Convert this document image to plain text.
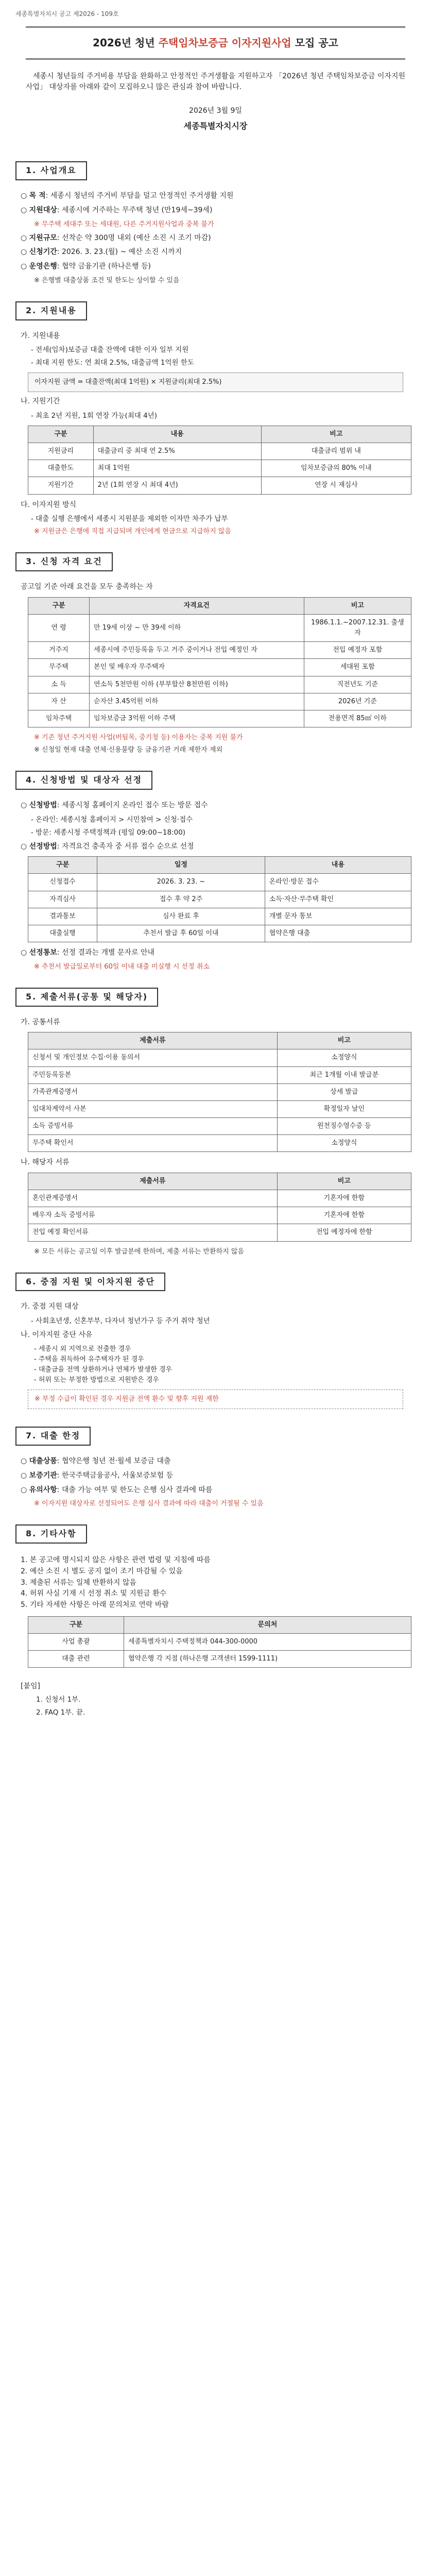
세종특별자치시 공고 제2026 - 109호
2026년 청년 주택임차보증금 이자지원사업 모집 공고

세종시 청년들의 주거비용 부담을 완화하고 안정적인 주거생활을 지원하고자 「2026년 청년 주택임차보증금 이자지원사업」 대상자를 아래와 같이 모집하오니 많은 관심과 참여 바랍니다.

2026년 3월 9일
세종특별자치시장
1. 사업개요
○ 목 적: 세종시 청년의 주거비 부담을 덜고 안정적인 주거생활 지원
○ 지원대상: 세종시에 거주하는 무주택 청년 (만19세~39세)
※ 무주택 세대주 또는 세대원, 다른 주거지원사업과 중복 불가
○ 지원규모: 선착순 약 300명 내외 (예산 소진 시 조기 마감)
○ 신청기간: 2026. 3. 23.(월) ~ 예산 소진 시까지
○ 운영은행: 협약 금융기관 (하나은행 등)
※ 은행별 대출상품 조건 및 한도는 상이할 수 있음
2. 지원내용
가. 지원내용
- 전세(임차)보증금 대출 잔액에 대한 이자 일부 지원
- 최대 지원 한도: 연 최대 2.5%, 대출금액 1억원 한도
이자지원 금액 = 대출잔액(최대 1억원) × 지원금리(최대 2.5%)
나. 지원기간
- 최초 2년 지원, 1회 연장 가능(최대 4년)
구분	내용	비고
지원금리	대출금리 중 최대 연 2.5%	대출금리 범위 내
대출한도	최대 1억원	임차보증금의 80% 이내
지원기간	2년 (1회 연장 시 최대 4년)	연장 시 재심사
다. 이자지원 방식
- 대출 실행 은행에서 세종시 지원분을 제외한 이자만 차주가 납부
※ 지원금은 은행에 직접 지급되며 개인에게 현금으로 지급하지 않음
3. 신청 자격 요건
공고일 기준 아래 요건을 모두 충족하는 자
구분	자격요건	비고
연 령	만 19세 이상 ~ 만 39세 이하	1986.1.1.~2007.12.31. 출생자
거주지	세종시에 주민등록을 두고 거주 중이거나 전입 예정인 자	전입 예정자 포함
무주택	본인 및 배우자 무주택자	세대원 포함
소 득	연소득 5천만원 이하 (부부합산 8천만원 이하)	직전년도 기준
자 산	순자산 3.45억원 이하	2026년 기준
임차주택	임차보증금 3억원 이하 주택	전용면적 85㎡ 이하
※ 기존 청년 주거지원 사업(버팀목, 중기청 등) 이용자는 중복 지원 불가
※ 신청일 현재 대출 연체·신용불량 등 금융기관 거래 제한자 제외
4. 신청방법 및 대상자 선정
○ 신청방법: 세종시청 홈페이지 온라인 접수 또는 방문 접수
- 온라인: 세종시청 홈페이지 > 시민참여 > 신청·접수
- 방문: 세종시청 주택정책과 (평일 09:00~18:00)
○ 선정방법: 자격요건 충족자 중 서류 접수 순으로 선정
구분	일정	내용
신청접수	2026. 3. 23. ~	온라인·방문 접수
자격심사	접수 후 약 2주	소득·자산·무주택 확인
결과통보	심사 완료 후	개별 문자 통보
대출실행	추천서 발급 후 60일 이내	협약은행 대출
○ 선정통보: 선정 결과는 개별 문자로 안내
※ 추천서 발급일로부터 60일 이내 대출 미실행 시 선정 취소
5. 제출서류(공통 및 해당자)
가. 공통서류
제출서류	비고
신청서 및 개인정보 수집·이용 동의서	소정양식
주민등록등본	최근 1개월 이내 발급분
가족관계증명서	상세 발급
임대차계약서 사본	확정일자 날인
소득 증빙서류	원천징수영수증 등
무주택 확인서	소정양식
나. 해당자 서류
제출서류	비고
혼인관계증명서	기혼자에 한함
배우자 소득 증빙서류	기혼자에 한함
전입 예정 확인서류	전입 예정자에 한함
※ 모든 서류는 공고일 이후 발급분에 한하며, 제출 서류는 반환하지 않음
6. 중점 지원 및 이차지원 중단
가. 중점 지원 대상
- 사회초년생, 신혼부부, 다자녀 청년가구 등 주거 취약 청년
나. 이자지원 중단 사유
- 세종시 외 지역으로 전출한 경우
- 주택을 취득하여 유주택자가 된 경우
- 대출금을 전액 상환하거나 연체가 발생한 경우
- 허위 또는 부정한 방법으로 지원받은 경우
※ 부정 수급이 확인된 경우 지원금 전액 환수 및 향후 지원 제한
7. 대출 한정
○ 대출상품: 협약은행 청년 전·월세 보증금 대출
○ 보증기관: 한국주택금융공사, 서울보증보험 등
○ 유의사항: 대출 가능 여부 및 한도는 은행 심사 결과에 따름
※ 이자지원 대상자로 선정되어도 은행 심사 결과에 따라 대출이 거절될 수 있음
8. 기타사항
1. 본 공고에 명시되지 않은 사항은 관련 법령 및 지침에 따름
2. 예산 소진 시 별도 공지 없이 조기 마감될 수 있음
3. 제출된 서류는 일체 반환하지 않음
4. 허위 사실 기재 시 선정 취소 및 지원금 환수
5. 기타 자세한 사항은 아래 문의처로 연락 바람
구분	문의처
사업 총괄	세종특별자치시 주택정책과 044-300-0000
대출 관련	협약은행 각 지점 (하나은행 고객센터 1599-1111)
[붙임]
1. 신청서 1부.
2. FAQ 1부. 끝.
